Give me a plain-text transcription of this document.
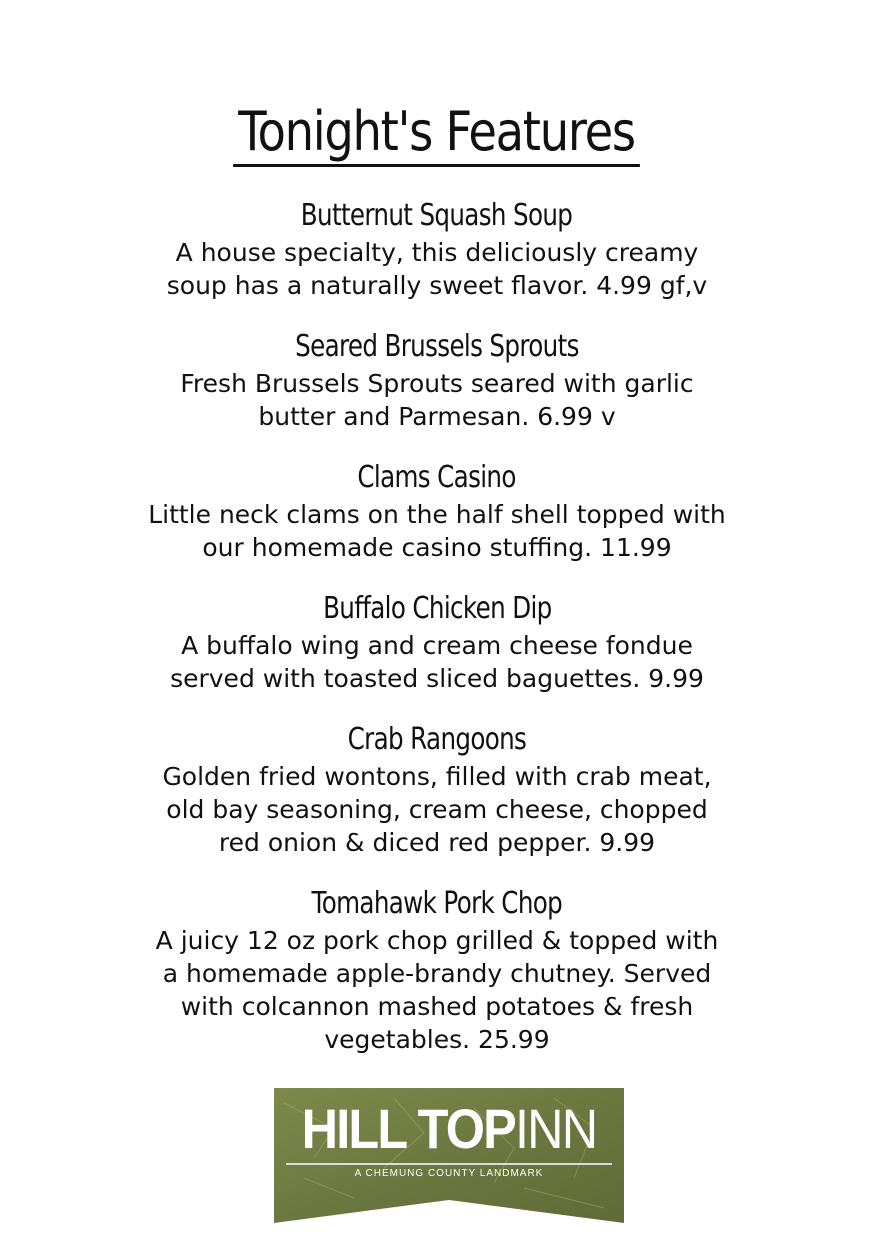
Tonight's Features
Butternut Squash Soup
A house specialty, this deliciously creamy
soup has a naturally sweet flavor. 4.99 gf,v
Seared Brussels Sprouts
Fresh Brussels Sprouts seared with garlic
butter and Parmesan. 6.99 v
Clams Casino
Little neck clams on the half shell topped with
our homemade casino stuffing. 11.99
Buffalo Chicken Dip
A buffalo wing and cream cheese fondue
served with toasted sliced baguettes. 9.99
Crab Rangoons
Golden fried wontons, filled with crab meat,
old bay seasoning, cream cheese, chopped
red onion & diced red pepper. 9.99
Tomahawk Pork Chop
A juicy 12 oz pork chop grilled & topped with
a homemade apple-brandy chutney. Served
with colcannon mashed potatoes & fresh
vegetables. 25.99
HILL TOPINN
A CHEMUNG COUNTY LANDMARK
